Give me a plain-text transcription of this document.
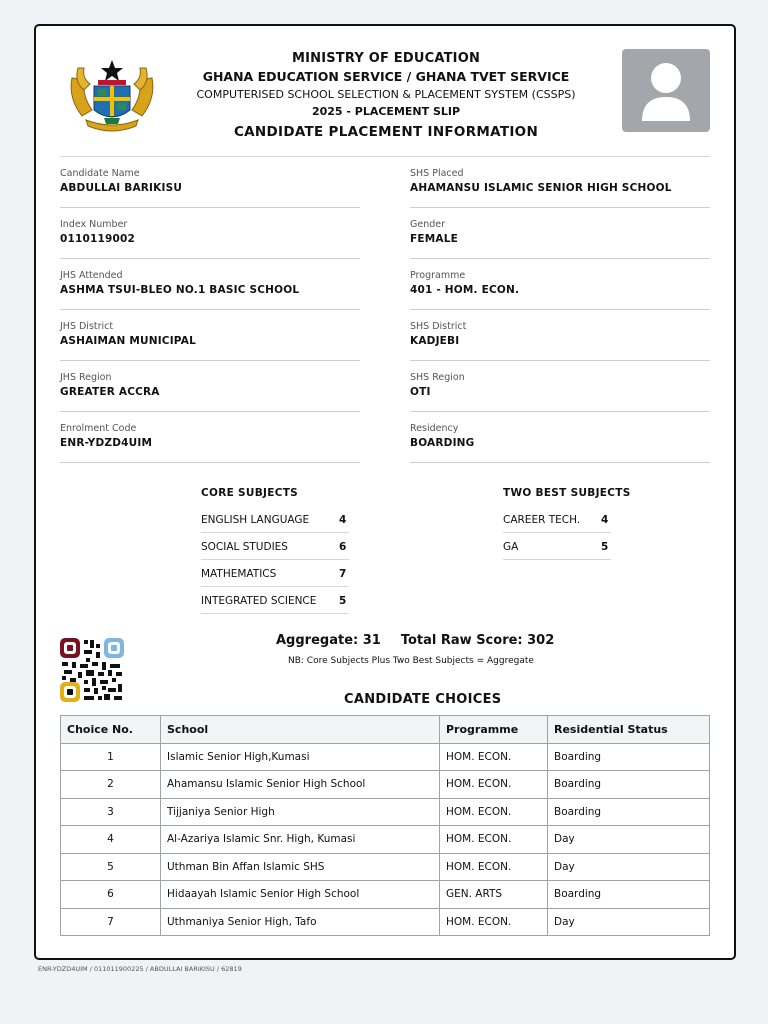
MINISTRY OF EDUCATION
GHANA EDUCATION SERVICE / GHANA TVET SERVICE
COMPUTERISED SCHOOL SELECTION & PLACEMENT SYSTEM (CSSPS)
2025 - PLACEMENT SLIP
CANDIDATE PLACEMENT INFORMATION
Candidate Name
ABDULLAI BARIKISU
Index Number
0110119002
JHS Attended
ASHMA TSUI-BLEO NO.1 BASIC SCHOOL
JHS District
ASHAIMAN MUNICIPAL
JHS Region
GREATER ACCRA
Enrolment Code
ENR-YDZD4UIM
SHS Placed
AHAMANSU ISLAMIC SENIOR HIGH SCHOOL
Gender
FEMALE
Programme
401 - HOM. ECON.
SHS District
KADJEBI
SHS Region
OTI
Residency
BOARDING
CORE SUBJECTS
ENGLISH LANGUAGE	4
SOCIAL STUDIES	6
MATHEMATICS	7
INTEGRATED SCIENCE 5
TWO BEST SUBJECTS
CAREER TECH. 4
GA	5
Aggregate: 31 Total Raw Score: 302
NB: Core Subjects Plus Two Best Subjects = Aggregate
CANDIDATE CHOICES
Choice No.	School	Programme	Residential Status
1	Islamic Senior High,Kumasi	HOM. ECON.	Boarding
2	Ahamansu Islamic Senior High School	HOM. ECON.	Boarding
3	Tijjaniya Senior High	HOM. ECON.	Boarding
4	Al-Azariya Islamic Snr. High, Kumasi	HOM. ECON.	Day
5	Uthman Bin Affan Islamic SHS	HOM. ECON.	Day
6	Hidaayah Islamic Senior High School	GEN. ARTS	Boarding
7	Uthmaniya Senior High, Tafo	HOM. ECON.	Day
ENR-YDZD4UIM / 011011900225 / ABDULLAI BARIKISU / 62819
